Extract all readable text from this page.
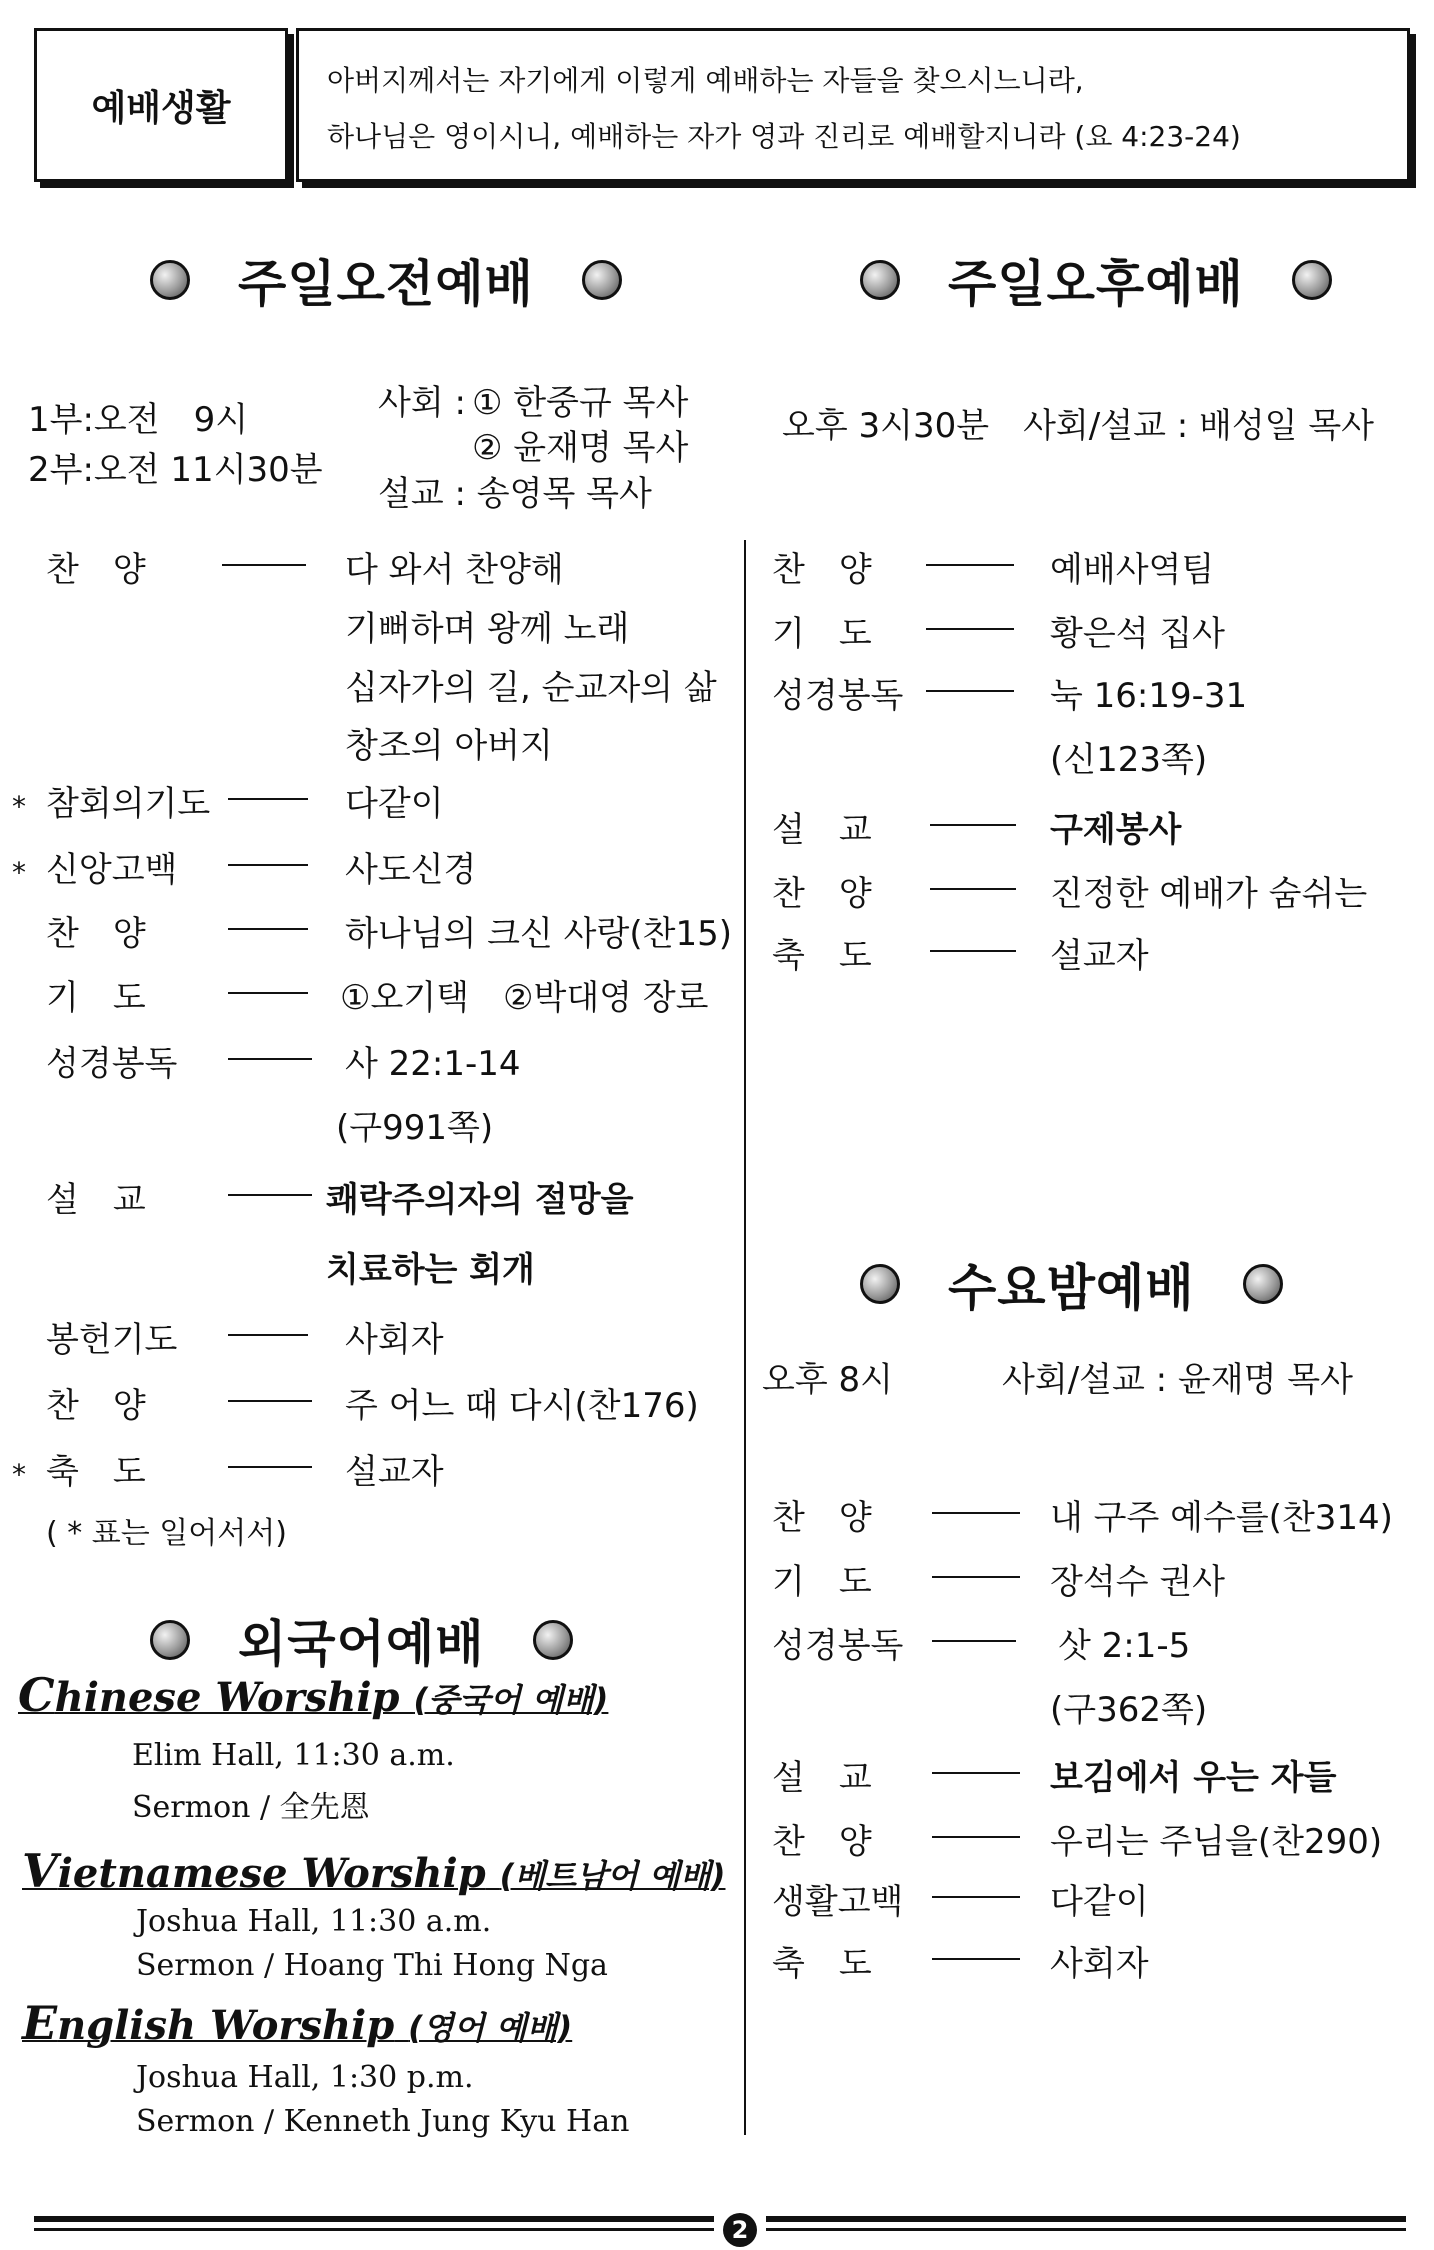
예배생활
아버지께서는 자기에게 이렇게 예배하는 자들을 찾으시느니라,
하나님은 영이시니, 예배하는 자가 영과 진리로 예배할지니라 (요 4:23-24)
주일오전예배	주일오후예배
1부:오전　9시
2부:오전 11시30분
사회 : ① 한중규 목사
② 윤재명 목사
설교 : 송영목 목사
오후 3시30분　사회/설교 : 배성일 목사
찬　양	다 와서 찬양해
기뻐하며 왕께 노래
십자가의 길, 순교자의 삶
창조의 아버지
* 참회의기도	다같이
* 신앙고백	사도신경
찬　양	하나님의 크신 사랑(찬15)
기　도	①오기택　②박대영 장로
성경봉독	사 22:1-14
(구991쪽)
설　교	쾌락주의자의 절망을
치료하는 회개
봉헌기도	사회자
찬　양	주 어느 때 다시(찬176)
* 축　도	설교자
( * 표는 일어서서)
찬　양	예배사역팀
기　도	황은석 집사
성경봉독	눅 16:19-31
(신123쪽)
설　교	구제봉사
찬　양	진정한 예배가 숨쉬는
축　도	설교자
수요밤예배
오후 8시	사회/설교 : 윤재명 목사
찬　양	내 구주 예수를(찬314)
기　도	장석수 권사
성경봉독	삿 2:1-5
(구362쪽)
설　교	보김에서 우는 자들
찬　양	우리는 주님을(찬290)
생활고백	다같이
축　도	사회자
외국어예배
Chinese Worship (중국어 예배)
Elim Hall, 11:30 a.m.
Sermon / 全先恩
Vietnamese Worship (베트남어 예배)
Joshua Hall, 11:30 a.m.
Sermon / Hoang Thi Hong Nga
English Worship (영어 예배)
Joshua Hall, 1:30 p.m.
Sermon / Kenneth Jung Kyu Han
2
